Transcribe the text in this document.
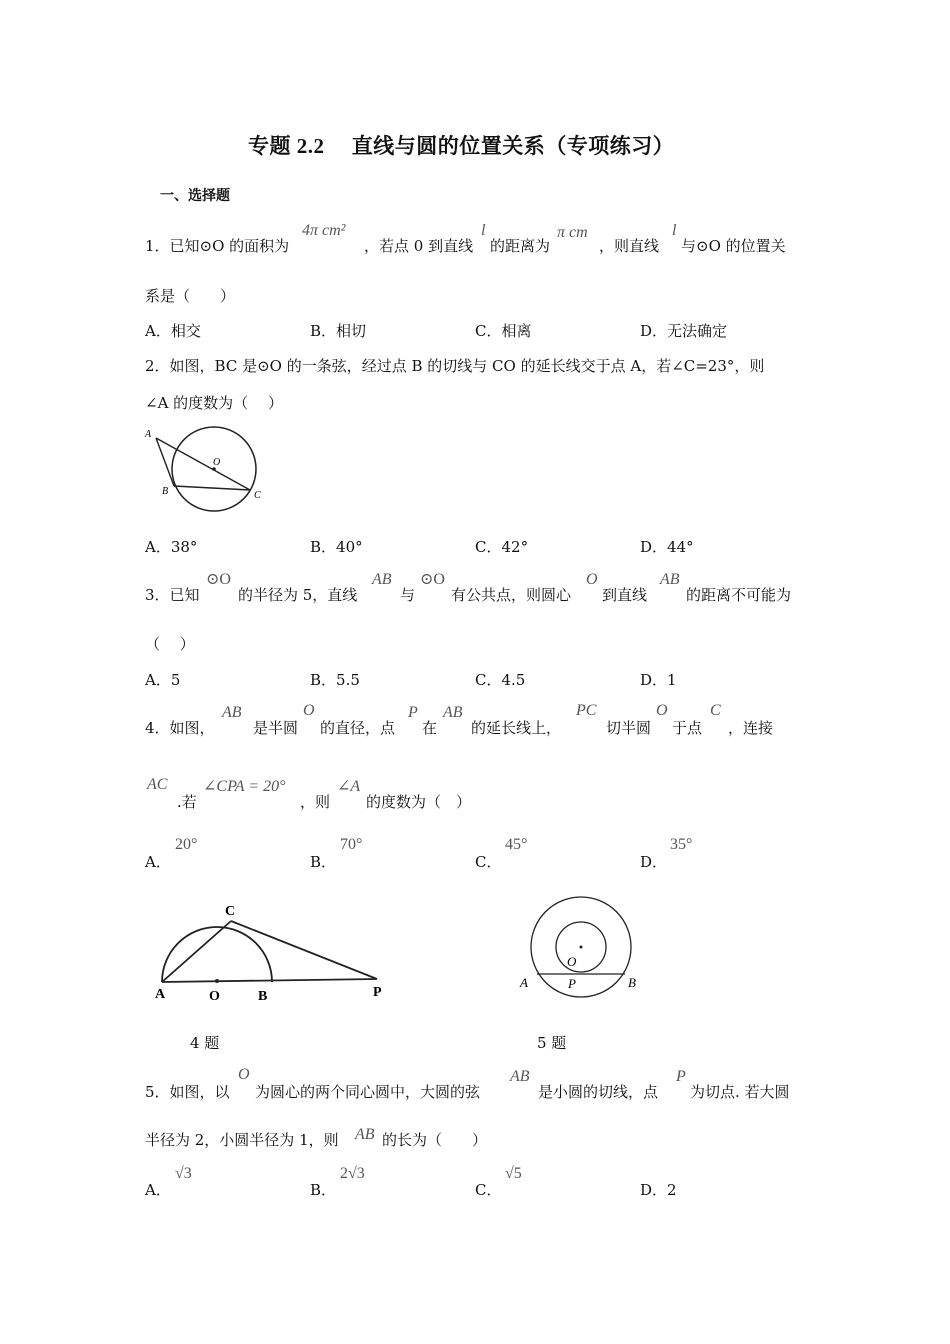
专题 2.2　 直线与圆的位置关系（专项练习）
一、选择题
1．已知⊙O 的面积为
4π cm²
，若点 0 到直线
l
的距离为
π cm
，则直线
l
与⊙O 的位置关
系是（　　）
A．相交	B．相切	C．相离	D．无法确定
2．如图，BC 是⊙O 的一条弦，经过点 B 的切线与 CO 的延长线交于点 A，若∠C=23°，则
∠A 的度数为（　 ）
A
O
B	C
A．38°	B．40°	C．42°	D．44°
3．已知
⊙O
的半径为 5，直线
AB
与
⊙O
有公共点，则圆心
O
到直线
AB
的距离不可能为
（　 ）
A．5	B．5.5	C．4.5	D．1
4．如图，
AB
是半圆
O
的直径，点
P
在
AB
的延长线上，
PC
切半圆
O
于点
C
，连接
AC
.若
∠CPA = 20°
，则
∠A
的度数为（　）
A．
20°
B．
70°
C．
45°
D．
35°
C
A	O	B	P
4 题
O
A	P	B
5 题
5．如图，以
O
为圆心的两个同心圆中，大圆的弦
AB
是小圆的切线，点
P
为切点. 若大圆
半径为 2，小圆半径为 1，则 AB 的长为（　　）
A．
√3
B．
2√3
C．
√5
D．2
